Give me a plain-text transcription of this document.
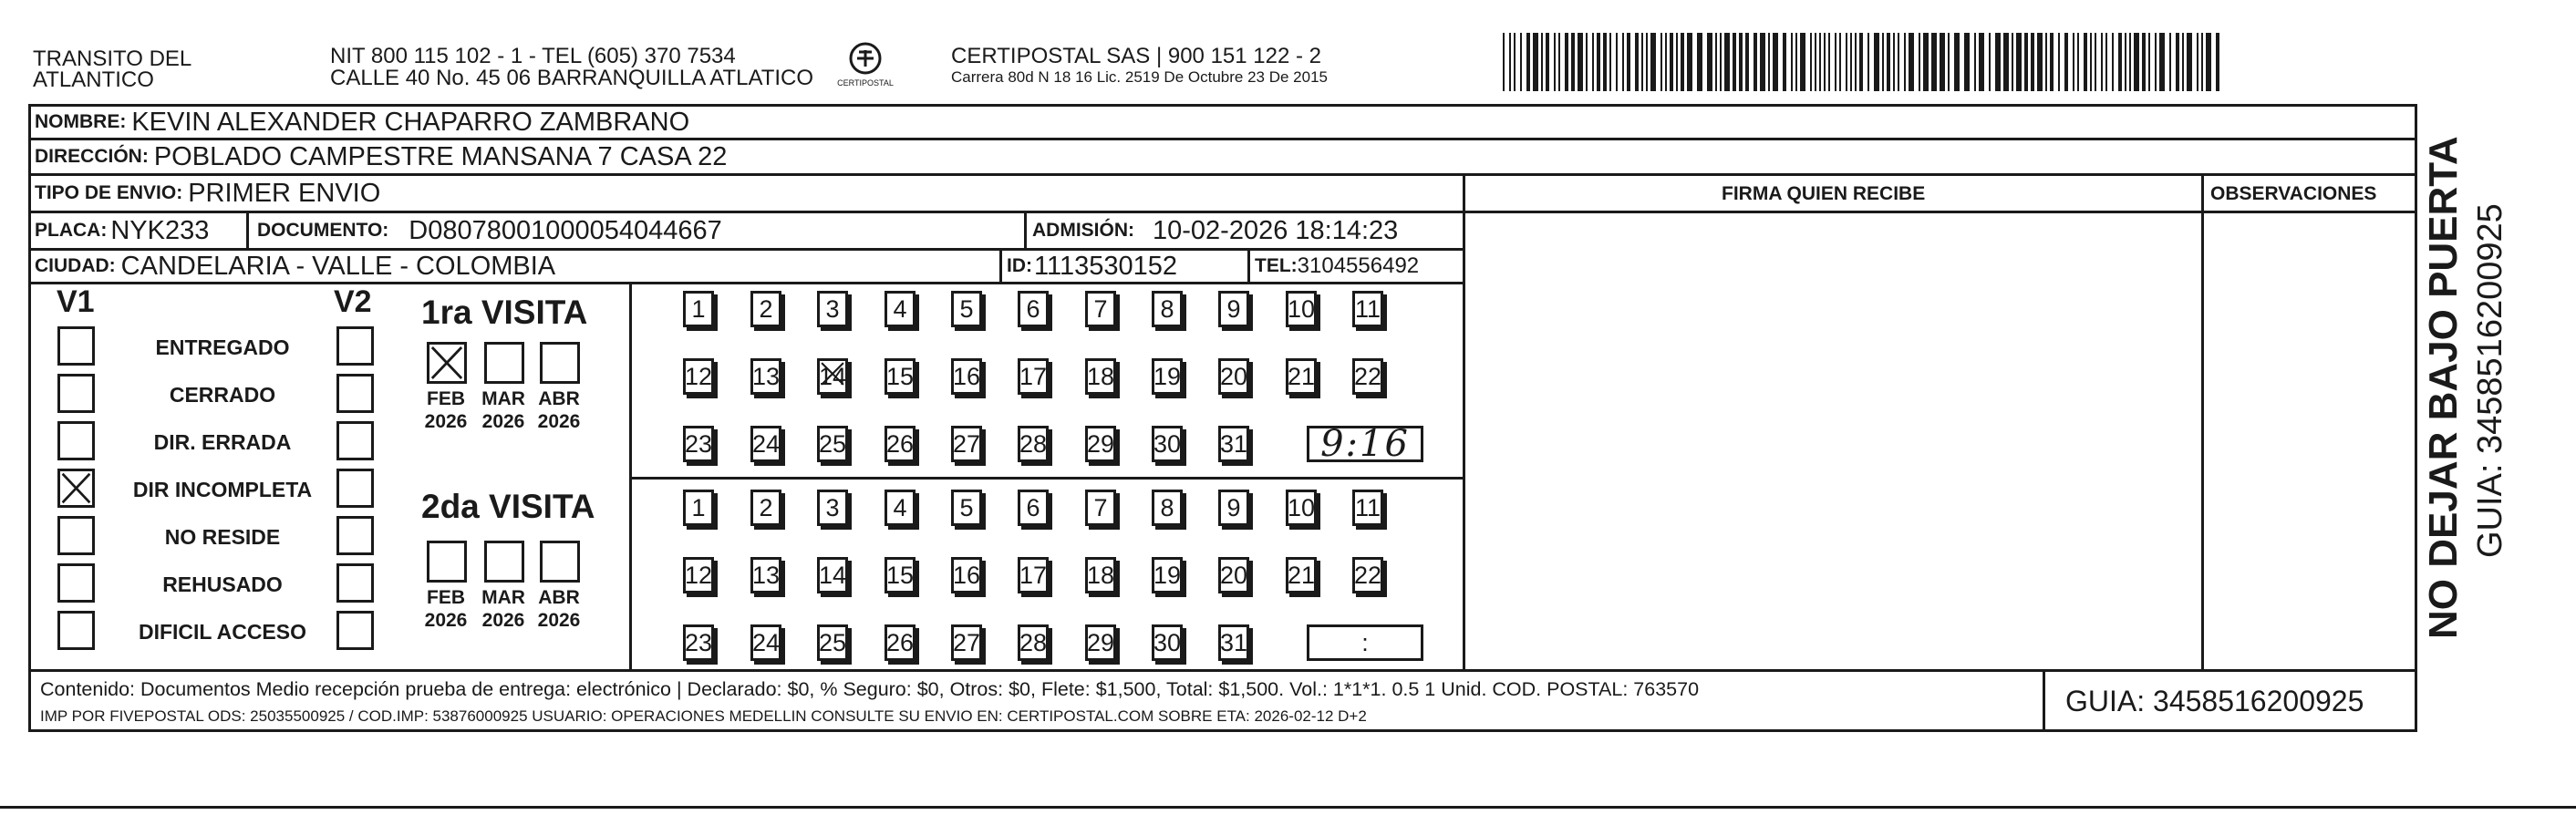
TRANSITO DEL
ATLANTICO
NIT 800 115 102 - 1 - TEL (605) 370 7534
CALLE 40 No. 45 06 BARRANQUILLA ATLATICO	CERTIPOSTAL
CERTIPOSTAL SAS | 900 151 122 - 2
Carrera 80d N 18 16 Lic. 2519 De Octubre 23 De 2015
NOMBRE: KEVIN ALEXANDER CHAPARRO ZAMBRANO
DIRECCIÓN: POBLADO CAMPESTRE MANSANA 7 CASA 22
TIPO DE ENVIO: PRIMER ENVIO	FIRMA QUIEN RECIBE	OBSERVACIONES
PLACA: NYK233	DOCUMENTO: D08078001000054044667	ADMISIÓN: 10-02-2026 18:14:23
CIUDAD: CANDELARIA - VALLE - COLOMBIA	ID: 1113530152	TEL: 3104556492
V1	V2
ENTREGADO
CERRADO
DIR. ERRADA
DIR INCOMPLETA
NO RESIDE
REHUSADO
DIFICIL ACCESO
1ra VISITA
2da VISITA
FEB
2026
MAR
2026
ABR
2026
1 2 3 4 5 6 7 8 9 10 11
12 13 14 15 16 17 18 19 20 21 22
23 24 25 26 27 28 29 30 31 9:16
FEB
2026
MAR
2026
ABR
2026
1 2 3 4 5 6 7 8 9 10 11
12 13 14 15 16 17 18 19 20 21 22
23 24 25 26 27 28 29 30 31	:
Contenido: Documentos Medio recepción prueba de entrega: electrónico | Declarado: $0, % Seguro: $0, Otros: $0, Flete: $1,500, Total: $1,500. Vol.: 1*1*1. 0.5 1 Unid. COD. POSTAL: 763570
IMP POR FIVEPOSTAL ODS: 25035500925 / COD.IMP: 53876000925 USUARIO: OPERACIONES MEDELLIN CONSULTE SU ENVIO EN: CERTIPOSTAL.COM SOBRE ETA: 2026-02-12 D+2	GUIA: 3458516200925
NO DEJAR BAJO PUERTA GUIA: 3458516200925
